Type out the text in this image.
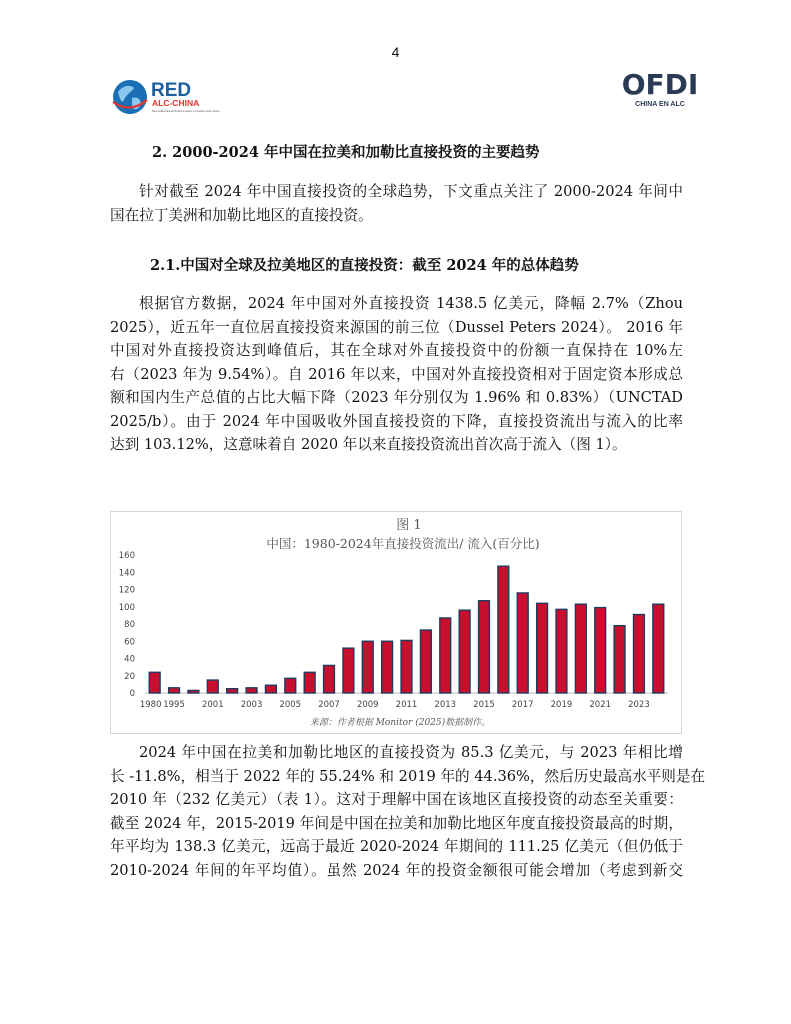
4
RED
ALC-CHINA
Red Académica de América Latina y el Caribe sobre China
OFDI
CHINA EN ALC
2. 2000-2024 年中国在拉美和加勒比直接投资的主要趋势
针对截至 2024 年中国直接投资的全球趋势，下文重点关注了 2000-2024 年间中
国在拉丁美洲和加勒比地区的直接投资。
2.1.中国对全球及拉美地区的直接投资：截至 2024 年的总体趋势
根据官方数据，2024 年中国对外直接投资 1438.5 亿美元，降幅 2.7%（Zhou
2025），近五年一直位居直接投资来源国的前三位（Dussel Peters 2024）。 2016 年
中国对外直接投资达到峰值后，其在全球对外直接投资中的份额一直保持在 10%左
右（2023 年为 9.54%）。自 2016 年以来，中国对外直接投资相对于固定资本形成总
额和国内生产总值的占比大幅下降（2023 年分别仅为 1.96% 和 0.83%）（UNCTAD
2025/b）。由于 2024 年中国吸收外国直接投资的下降，直接投资流出与流入的比率
达到 103.12%，这意味着自 2020 年以来直接投资流出首次高于流入（图 1）。
图 1
中国：1980-2024年直接投资流出/ 流入(百分比)
0
20
40
60
80
100
120
140
160
1980 1995 2001 2003 2005 2007 2009 2011 2013 2015 2017 2019 2021 2023
来源：作者根据 Monitor (2025)数据制作。
2024 年中国在拉美和加勒比地区的直接投资为 85.3 亿美元，与 2023 年相比增
长 -11.8%，相当于 2022 年的 55.24% 和 2019 年的 44.36%，然后历史最高水平则是在
2010 年（232 亿美元）（表 1）。这对于理解中国在该地区直接投资的动态至关重要：
截至 2024 年，2015-2019 年间是中国在拉美和加勒比地区年度直接投资最高的时期，
年平均为 138.3 亿美元，远高于最近 2020-2024 年期间的 111.25 亿美元（但仍低于
2010-2024 年间的年平均值）。虽然 2024 年的投资金额很可能会增加（考虑到新交
